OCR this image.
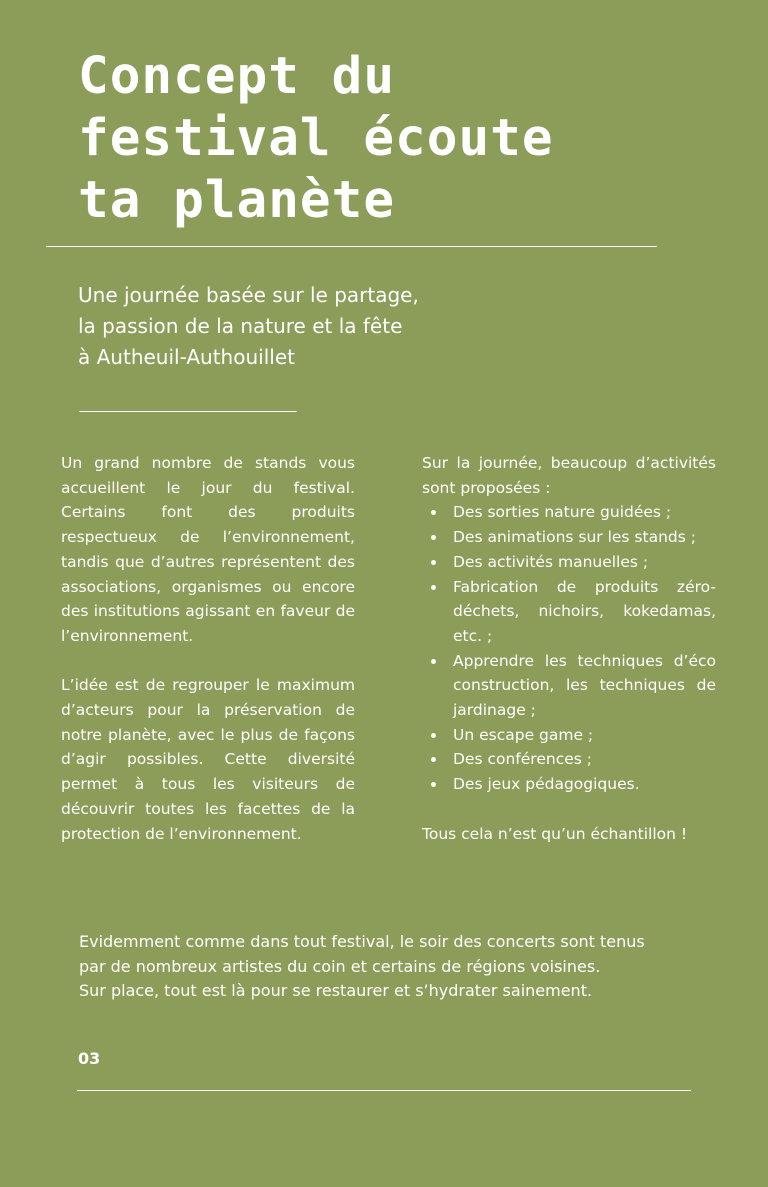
Concept du
festival écoute
ta planète
Une journée basée sur le partage,
la passion de la nature et la fête
à Autheuil-Authouillet

Un grand nombre de stands vous accueillent le jour du festival. Certains font des produits respectueux de l’environnement, tandis que d’autres représentent des associations, organismes ou encore des institutions agissant en faveur de l’environnement.

L’idée est de regrouper le maximum d’acteurs pour la préservation de notre planète, avec le plus de façons d’agir possibles. Cette diversité permet à tous les visiteurs de découvrir toutes les facettes de la protection de l’environnement.

Sur la journée, beaucoup d’activités sont proposées :

Des sorties nature guidées ;
Des animations sur les stands ;
Des activités manuelles ;
Fabrication de produits zéro-déchets, nichoirs, kokedamas, etc. ;
Apprendre les techniques d’éco construction, les techniques de jardinage ;
Un escape game ;
Des conférences ;
Des jeux pédagogiques.

Tous cela n’est qu’un échantillon !

Evidemment comme dans tout festival, le soir des concerts sont tenus
par de nombreux artistes du coin et certains de régions voisines.
Sur place, tout est là pour se restaurer et s’hydrater sainement.
03
